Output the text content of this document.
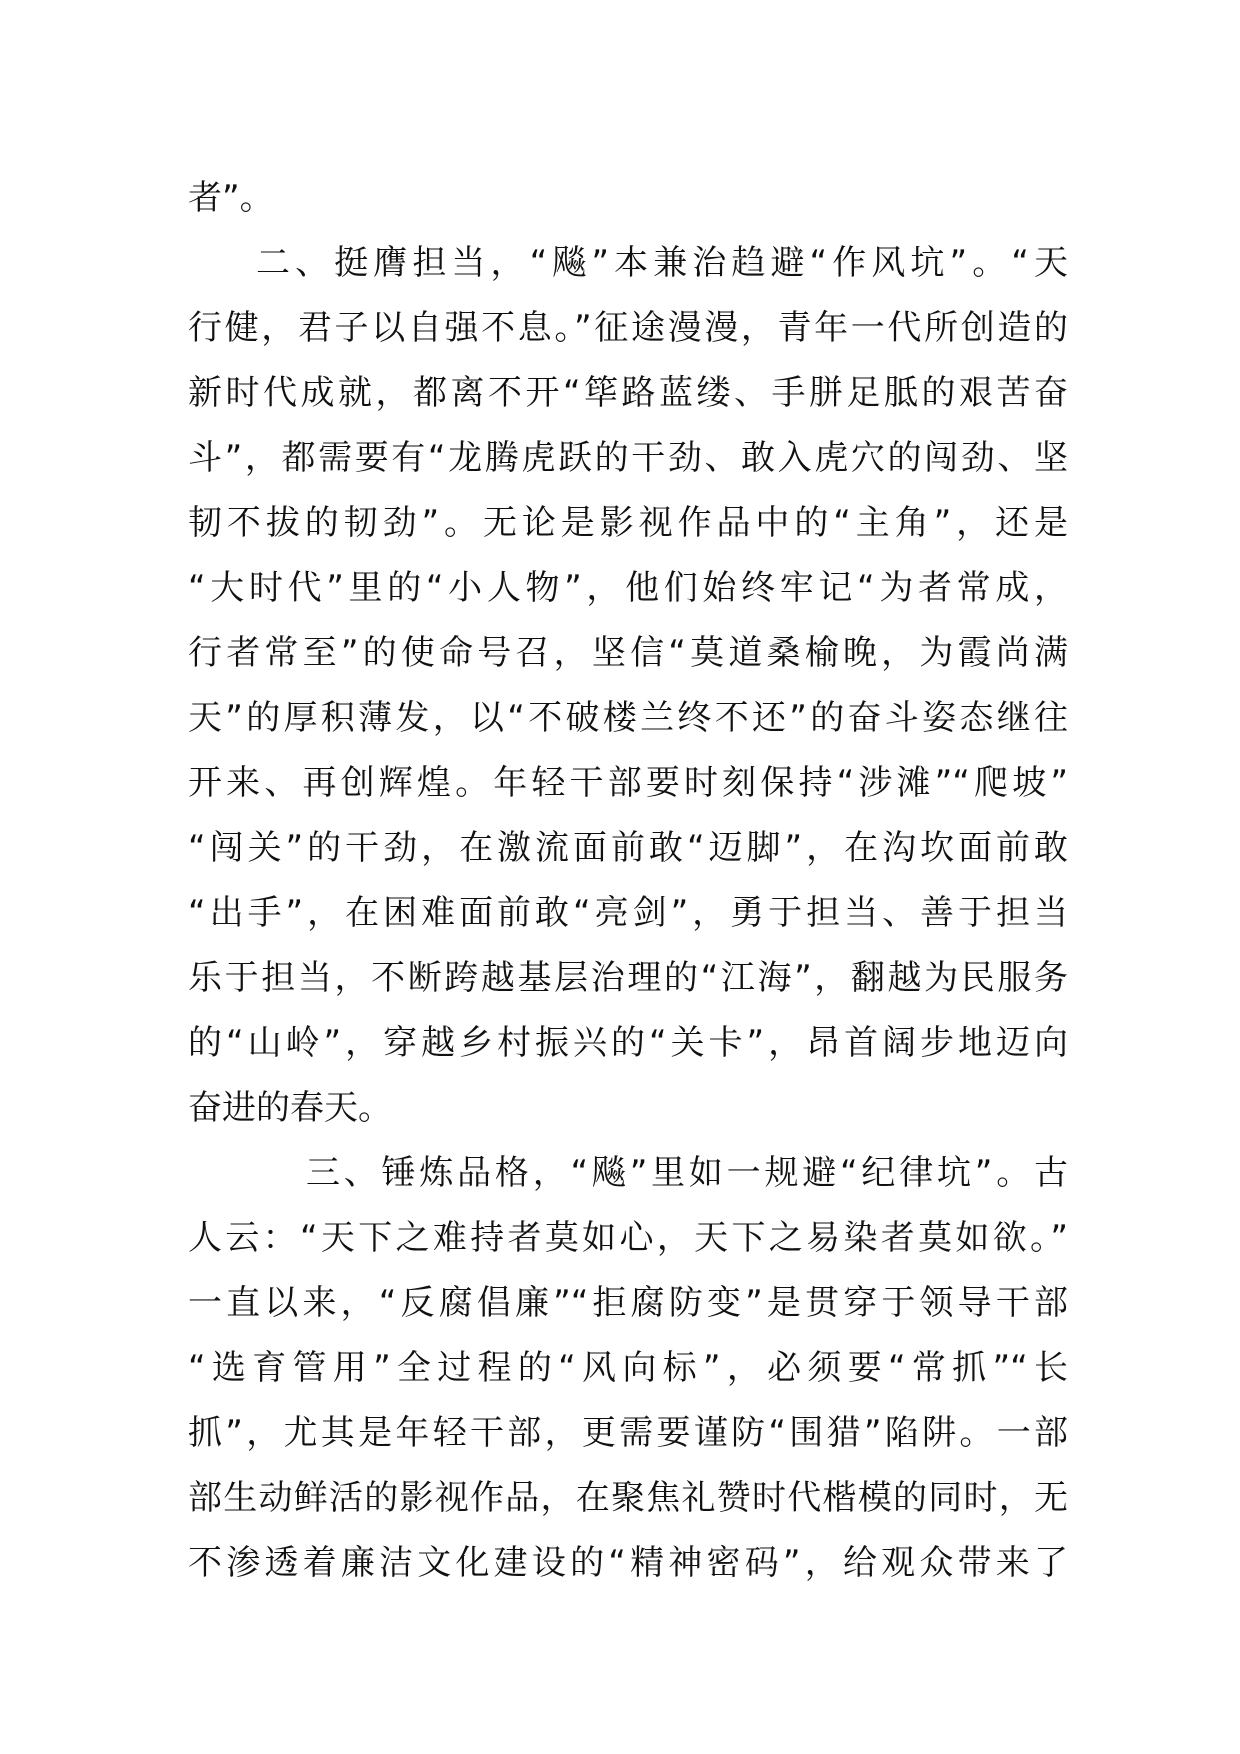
者”。
二、挺膺担当，“飚”本兼治趋避“作风坑”。“天
行健，君子以自强不息。”征途漫漫，青年一代所创造的
新时代成就，都离不开“筚路蓝缕、手胼足胝的艰苦奋
斗”，都需要有“龙腾虎跃的干劲、敢入虎穴的闯劲、坚
韧不拔的韧劲”。无论是影视作品中的“主角”，还是
“大时代”里的“小人物”，他们始终牢记“为者常成，
行者常至”的使命号召，坚信“莫道桑榆晚，为霞尚满
天”的厚积薄发，以“不破楼兰终不还”的奋斗姿态继往
开来、再创辉煌。年轻干部要时刻保持“涉滩”“爬坡”
“闯关”的干劲，在激流面前敢“迈脚”，在沟坎面前敢
“出手”，在困难面前敢“亮剑”，勇于担当、善于担当
乐于担当，不断跨越基层治理的“江海”，翻越为民服务
的“山岭”，穿越乡村振兴的“关卡”，昂首阔步地迈向
奋进的春天。
三、锤炼品格，“飚”里如一规避“纪律坑”。古
人云：“天下之难持者莫如心，天下之易染者莫如欲。”
一直以来，“反腐倡廉”“拒腐防变”是贯穿于领导干部
“选育管用”全过程的“风向标”，必须要“常抓”“长
抓”，尤其是年轻干部，更需要谨防“围猎”陷阱。一部
部生动鲜活的影视作品，在聚焦礼赞时代楷模的同时，无
不渗透着廉洁文化建设的“精神密码”，给观众带来了
